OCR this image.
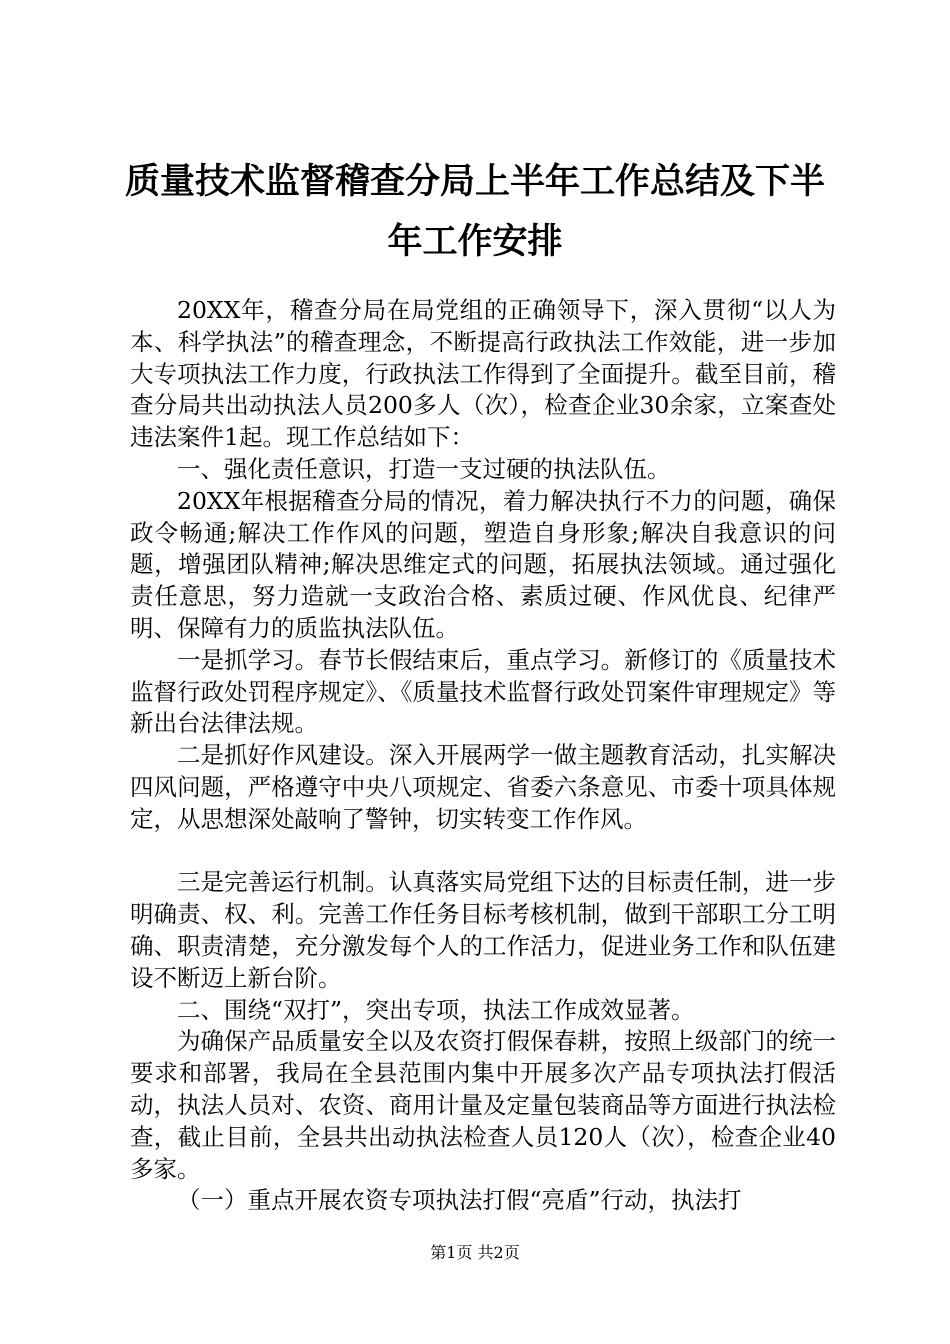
质量技术监督稽查分局上半年工作总结及下半年工作安排

20XX年，稽查分局在局党组的正确领导下，深入贯彻“以人为本、科学执法”的稽查理念，不断提高行政执法工作效能，进一步加大专项执法工作力度，行政执法工作得到了全面提升。截至目前，稽查分局共出动执法人员200多人（次），检查企业30余家，立案查处违法案件1起。现工作总结如下：

一、强化责任意识，打造一支过硬的执法队伍。

20XX年根据稽查分局的情况，着力解决执行不力的问题，确保政令畅通;解决工作作风的问题，塑造自身形象;解决自我意识的问题，增强团队精神;解决思维定式的问题，拓展执法领域。通过强化责任意思，努力造就一支政治合格、素质过硬、作风优良、纪律严明、保障有力的质监执法队伍。

一是抓学习。春节长假结束后，重点学习。新修订的《质量技术监督行政处罚程序规定》、《质量技术监督行政处罚案件审理规定》等新出台法律法规。

二是抓好作风建设。深入开展两学一做主题教育活动，扎实解决四风问题，严格遵守中央八项规定、省委六条意见、市委十项具体规定，从思想深处敲响了警钟，切实转变工作作风。

三是完善运行机制。认真落实局党组下达的目标责任制，进一步明确责、权、利。完善工作任务目标考核机制，做到干部职工分工明确、职责清楚，充分激发每个人的工作活力，促进业务工作和队伍建设不断迈上新台阶。

二、围绕“双打”，突出专项，执法工作成效显著。

为确保产品质量安全以及农资打假保春耕，按照上级部门的统一要求和部署，我局在全县范围内集中开展多次产品专项执法打假活动，执法人员对、农资、商用计量及定量包装商品等方面进行执法检查，截止目前，全县共出动执法检查人员120人（次），检查企业40多家。

（一）重点开展农资专项执法打假“亮盾”行动，执法打

第1页 共2页
